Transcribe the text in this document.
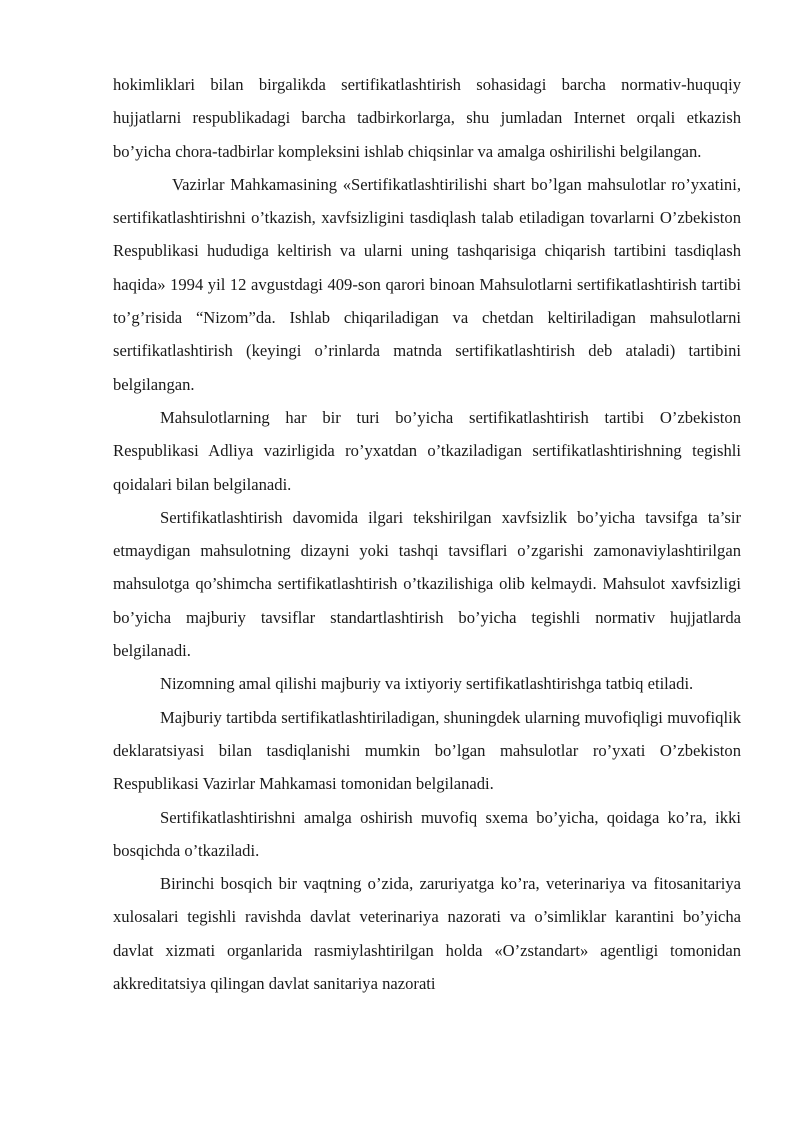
hokimliklari bilan birgalikda sertifikatlashtirish sohasidagi barcha normativ-huquqiy hujjatlarni respublikadagi barcha tadbirkorlarga, shu jumladan Internet orqali etkazish bo’yicha chora-tadbirlar kompleksini ishlab chiqsinlar va amalga oshirilishi belgilangan.

Vazirlar Mahkamasining «Sertifikatlashtirilishi shart bo’lgan mahsulotlar ro’yxatini, sertifikatlashtirishni o’tkazish, xavfsizligini tasdiqlash talab etiladigan tovarlarni O’zbekiston Respublikasi hududiga keltirish va ularni uning tashqarisiga chiqarish tartibini tasdiqlash haqida» 1994 yil 12 avgustdagi 409-son qarori binoan Mahsulotlarni sertifikatlashtirish tartibi to’g’risida “Nizom”da. Ishlab chiqariladigan va chetdan keltiriladigan mahsulotlarni sertifikatlashtirish (keyingi o’rinlarda matnda sertifikatlashtirish deb ataladi) tartibini belgilangan.

Mahsulotlarning har bir turi bo’yicha sertifikatlashtirish tartibi O’zbekiston Respublikasi Adliya vazirligida ro’yxatdan o’tkaziladigan sertifikatlashtirishning tegishli qoidalari bilan belgilanadi.

Sertifikatlashtirish davomida ilgari tekshirilgan xavfsizlik bo’yicha tavsifga ta’sir etmaydigan mahsulotning dizayni yoki tashqi tavsiflari o’zgarishi zamonaviylashtirilgan mahsulotga qo’shimcha sertifikatlashtirish o’tkazilishiga olib kelmaydi. Mahsulot xavfsizligi bo’yicha majburiy tavsiflar standartlashtirish bo’yicha tegishli normativ hujjatlarda belgilanadi.

Nizomning amal qilishi majburiy va ixtiyoriy sertifikatlashtirishga tatbiq etiladi.

Majburiy tartibda sertifikatlashtiriladigan, shuningdek ularning muvofiqligi muvofiqlik deklaratsiyasi bilan tasdiqlanishi mumkin bo’lgan mahsulotlar ro’yxati O’zbekiston Respublikasi Vazirlar Mahkamasi tomonidan belgilanadi.

Sertifikatlashtirishni amalga oshirish muvofiq sxema bo’yicha, qoidaga ko’ra, ikki bosqichda o’tkaziladi.

Birinchi bosqich bir vaqtning o’zida, zaruriyatga ko’ra, veterinariya va fitosanitariya xulosalari tegishli ravishda davlat veterinariya nazorati va o’simliklar karantini bo’yicha davlat xizmati organlarida rasmiylashtirilgan holda «O’zstandart» agentligi tomonidan akkreditatsiya qilingan davlat sanitariya nazorati
